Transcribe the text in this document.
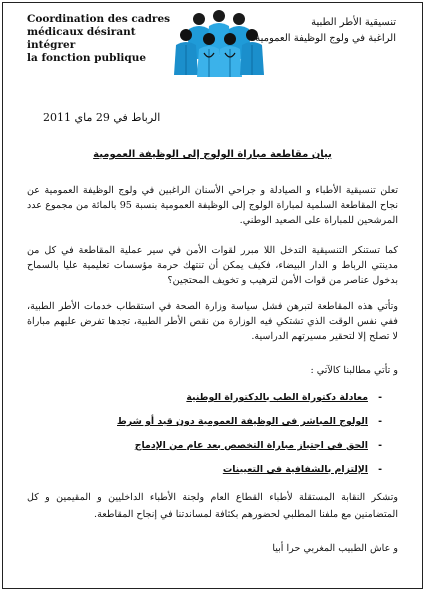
Coordination des cadres
médicaux désirant intégrer
la fonction publique
تنسيقية الأطر الطبية
الراغبة في ولوج الوظيفة العمومية
الرباط في 29 ماي 2011
بيان مقاطعة مباراة الولوج إلى الوظيفة العمومية
تعلن تنسيقية الأطباء و الصيادلة و جراحي الأسنان الراغبين في ولوج الوظيفة العمومية عن نجاح المقاطعة السلمية لمباراة الولوج إلى الوظيفة العمومية بنسبة 95 بالمائة من مجموع عدد المرشحين للمباراة على الصعيد الوطني.
كما تستنكر التنسيقية التدخل اللا مبرر لقوات الأمن في سير عملية المقاطعة في كل من مدينتي الرباط و الدار البيضاء، فكيف يمكن أن تنتهك حرمة مؤسسات تعليمية عليا بالسماح بدخول عناصر من قوات الأمن لترهيب و تخويف المحتجين؟
وتأتي هذه المقاطعة لتبرهن فشل سياسة وزارة الصحة في استقطاب خدمات الأطر الطبية، ففي نفس الوقت الذي تشتكي فيه الوزارة من نقص الأطر الطبية، تجدها تفرض عليهم مباراة لا تصلح إلا لتحقير مسيرتهم الدراسية.
و تأتي مطالبنا كالآتي :
-
معادلة دكتوراة الطب بالدكتوراة الوطنية
-
الولوج المباشر في الوظيفة العمومية دون قيد أو شرط
-
الحق في اجتياز مباراة التخصص بعد عام من الإدماج
-
الإلتزام بالشفافية في التعيينات
وتشكر النقابة المستقلة لأطباء القطاع العام ولجنة الأطباء الداخليين و المقيمين و كل المتضامنين مع ملفنا المطلبي لحضورهم بكثافة لمساندتنا في إنجاح المقاطعة.
و عاش الطبيب المغربي حرا أبيا
